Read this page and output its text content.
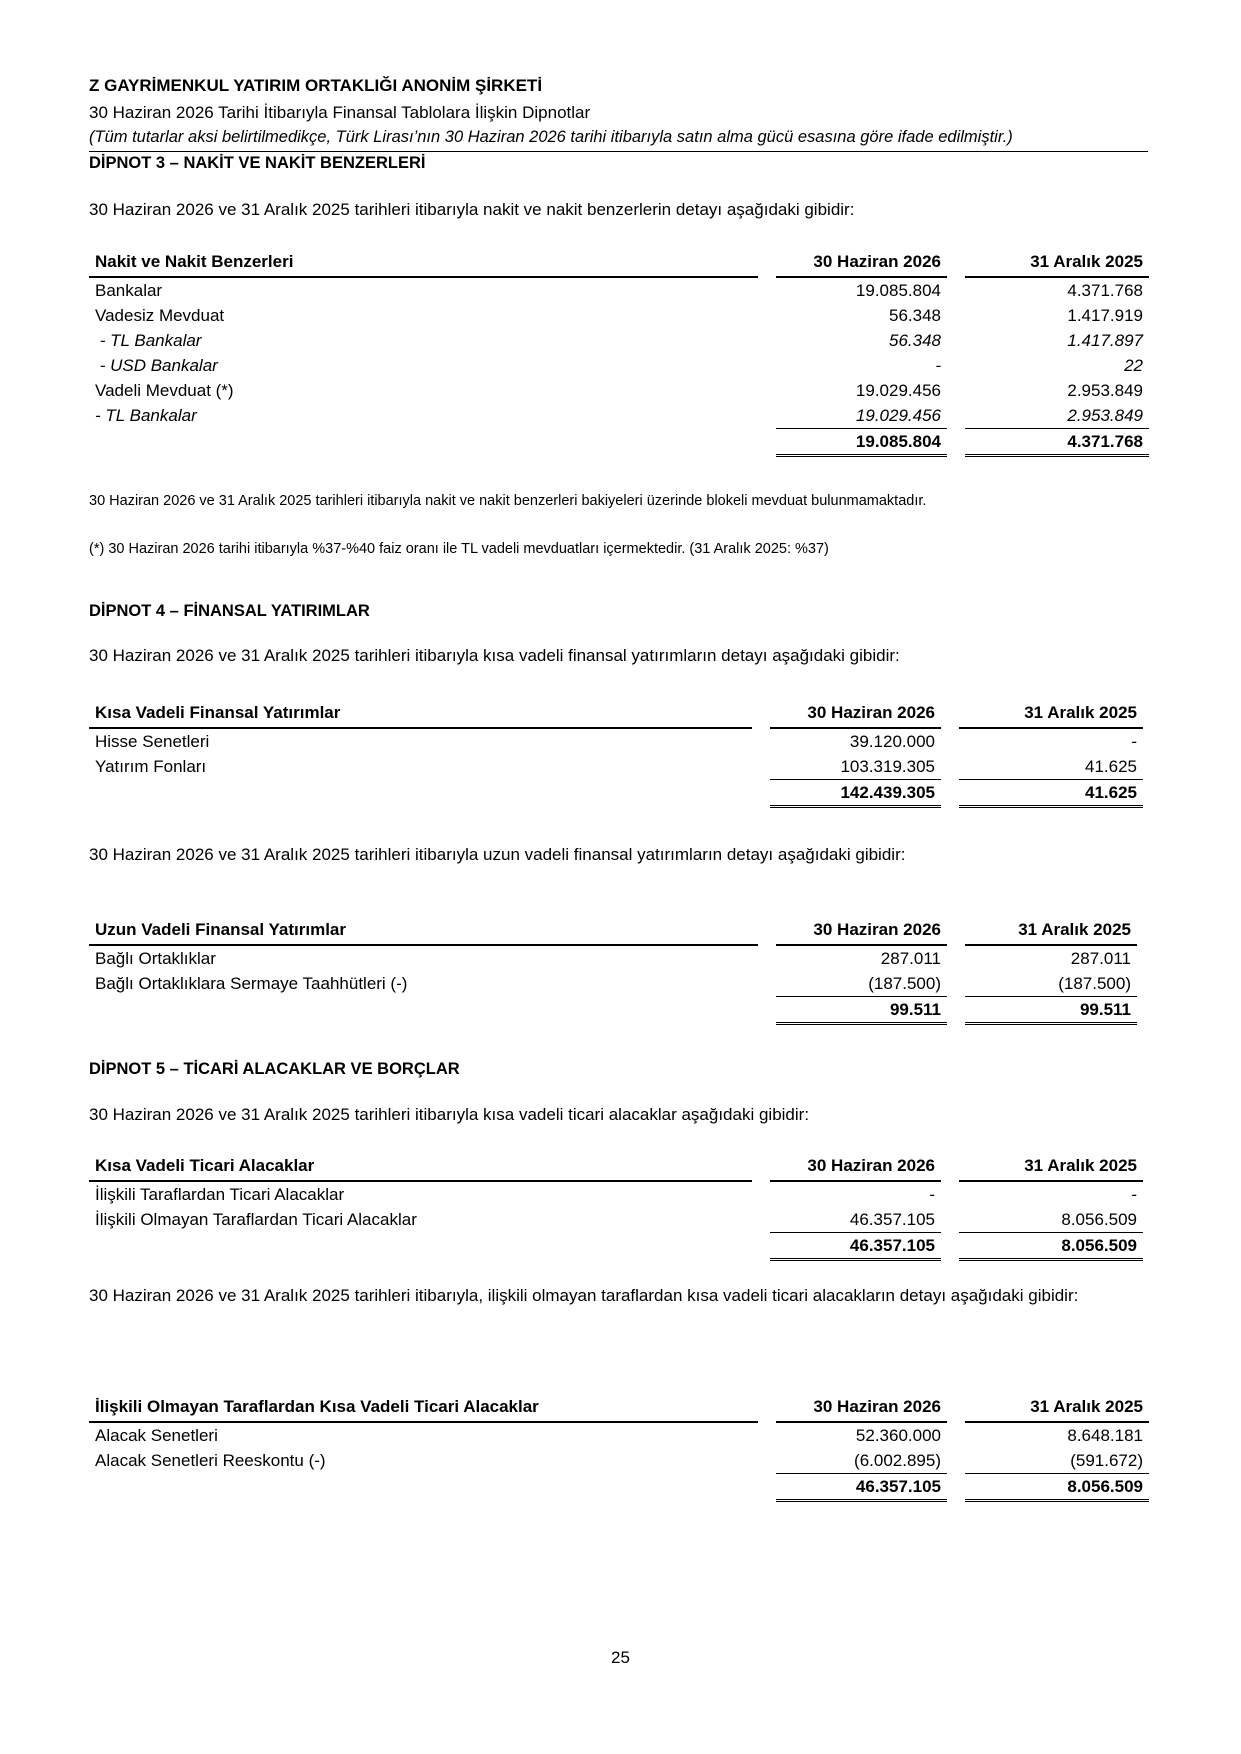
Z GAYRİMENKUL YATIRIM ORTAKLIĞI ANONİM ŞİRKETİ
30 Haziran 2026 Tarihi İtibarıyla Finansal Tablolara İlişkin Dipnotlar
(Tüm tutarlar aksi belirtilmedikçe, Türk Lirası’nın 30 Haziran 2026 tarihi itibarıyla satın alma gücü esasına göre ifade edilmiştir.)
DİPNOT 3 – NAKİT VE NAKİT BENZERLERİ
30 Haziran 2026 ve 31 Aralık 2025 tarihleri itibarıyla nakit ve nakit benzerlerin detayı aşağıdaki gibidir:
Nakit ve Nakit Benzerleri		30 Haziran 2026		31 Aralık 2025
Bankalar		19.085.804		4.371.768
Vadesiz Mevduat		56.348		1.417.919
- TL Bankalar		56.348		1.417.897
- USD Bankalar		-		22
Vadeli Mevduat (*)		19.029.456		2.953.849
- TL Bankalar		19.029.456		2.953.849
		19.085.804		4.371.768
30 Haziran 2026 ve 31 Aralık 2025 tarihleri itibarıyla nakit ve nakit benzerleri bakiyeleri üzerinde blokeli mevduat bulunmamaktadır.
(*) 30 Haziran 2026 tarihi itibarıyla %37-%40 faiz oranı ile TL vadeli mevduatları içermektedir. (31 Aralık 2025: %37)
DİPNOT 4 – FİNANSAL YATIRIMLAR
30 Haziran 2026 ve 31 Aralık 2025 tarihleri itibarıyla kısa vadeli finansal yatırımların detayı aşağıdaki gibidir:
Kısa Vadeli Finansal Yatırımlar		30 Haziran 2026		31 Aralık 2025
Hisse Senetleri		39.120.000		-
Yatırım Fonları		103.319.305		41.625
		142.439.305		41.625
30 Haziran 2026 ve 31 Aralık 2025 tarihleri itibarıyla uzun vadeli finansal yatırımların detayı aşağıdaki gibidir:
Uzun Vadeli Finansal Yatırımlar		30 Haziran 2026		31 Aralık 2025
Bağlı Ortaklıklar		287.011		287.011
Bağlı Ortaklıklara Sermaye Taahhütleri (-)		(187.500)		(187.500)
		99.511		99.511
DİPNOT 5 – TİCARİ ALACAKLAR VE BORÇLAR
30 Haziran 2026 ve 31 Aralık 2025 tarihleri itibarıyla kısa vadeli ticari alacaklar aşağıdaki gibidir:
Kısa Vadeli Ticari Alacaklar		30 Haziran 2026		31 Aralık 2025
İlişkili Taraflardan Ticari Alacaklar		-		-
İlişkili Olmayan Taraflardan Ticari Alacaklar		46.357.105		8.056.509
		46.357.105		8.056.509
30 Haziran 2026 ve 31 Aralık 2025 tarihleri itibarıyla, ilişkili olmayan taraflardan kısa vadeli ticari alacakların detayı aşağıdaki gibidir:
İlişkili Olmayan Taraflardan Kısa Vadeli Ticari Alacaklar		30 Haziran 2026		31 Aralık 2025
Alacak Senetleri		52.360.000		8.648.181
Alacak Senetleri Reeskontu (-)		(6.002.895)		(591.672)
		46.357.105		8.056.509
25
